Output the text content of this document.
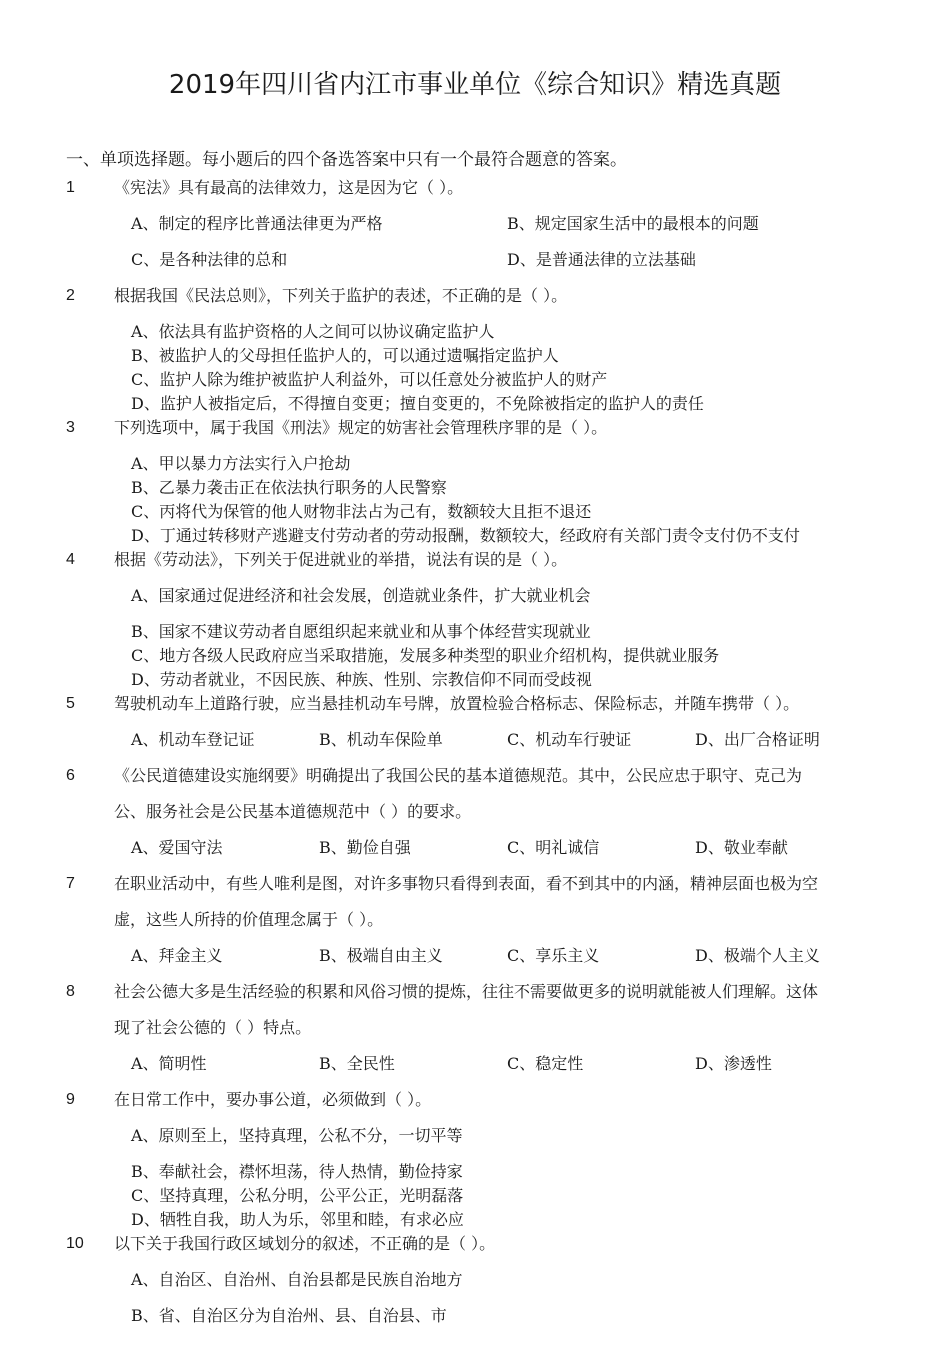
2019年四川省内江市事业单位《综合知识》精选真题
一、单项选择题。每小题后的四个备选答案中只有一个最符合题意的答案。
1 《宪法》具有最高的法律效力，这是因为它（ ）。
A、制定的程序比普通法律更为严格	B、规定国家生活中的最根本的问题
C、是各种法律的总和	D、是普通法律的立法基础
2 根据我国《民法总则》，下列关于监护的表述，不正确的是（ ）。
A、依法具有监护资格的人之间可以协议确定监护人
B、被监护人的父母担任监护人的，可以通过遗嘱指定监护人
C、监护人除为维护被监护人利益外，可以任意处分被监护人的财产
D、监护人被指定后，不得擅自变更；擅自变更的，不免除被指定的监护人的责任
3 下列选项中，属于我国《刑法》规定的妨害社会管理秩序罪的是（ ）。
A、甲以暴力方法实行入户抢劫
B、乙暴力袭击正在依法执行职务的人民警察
C、丙将代为保管的他人财物非法占为己有，数额较大且拒不退还
D、丁通过转移财产逃避支付劳动者的劳动报酬，数额较大，经政府有关部门责令支付仍不支付
4 根据《劳动法》，下列关于促进就业的举措，说法有误的是（ ）。
A、国家通过促进经济和社会发展，创造就业条件，扩大就业机会
B、国家不建议劳动者自愿组织起来就业和从事个体经营实现就业
C、地方各级人民政府应当采取措施，发展多种类型的职业介绍机构，提供就业服务
D、劳动者就业，不因民族、种族、性别、宗教信仰不同而受歧视
5 驾驶机动车上道路行驶，应当悬挂机动车号牌，放置检验合格标志、保险标志，并随车携带（ ）。
A、机动车登记证	B、机动车保险单	C、机动车行驶证	D、出厂合格证明
6 《公民道德建设实施纲要》明确提出了我国公民的基本道德规范。其中，公民应忠于职守、克己为
公、服务社会是公民基本道德规范中（ ）的要求。
A、爱国守法	B、勤俭自强	C、明礼诚信	D、敬业奉献
7 在职业活动中，有些人唯利是图，对许多事物只看得到表面，看不到其中的内涵，精神层面也极为空
虚，这些人所持的价值理念属于（ ）。
A、拜金主义	B、极端自由主义	C、享乐主义	D、极端个人主义
8 社会公德大多是生活经验的积累和风俗习惯的提炼，往往不需要做更多的说明就能被人们理解。这体
现了社会公德的（ ）特点。
A、简明性	B、全民性	C、稳定性	D、渗透性
9 在日常工作中，要办事公道，必须做到（ ）。
A、原则至上，坚持真理，公私不分，一切平等
B、奉献社会，襟怀坦荡，待人热情，勤俭持家
C、坚持真理，公私分明，公平公正，光明磊落
D、牺牲自我，助人为乐，邻里和睦，有求必应
10 以下关于我国行政区域划分的叙述，不正确的是（ ）。
A、自治区、自治州、自治县都是民族自治地方
B、省、自治区分为自治州、县、自治县、市
